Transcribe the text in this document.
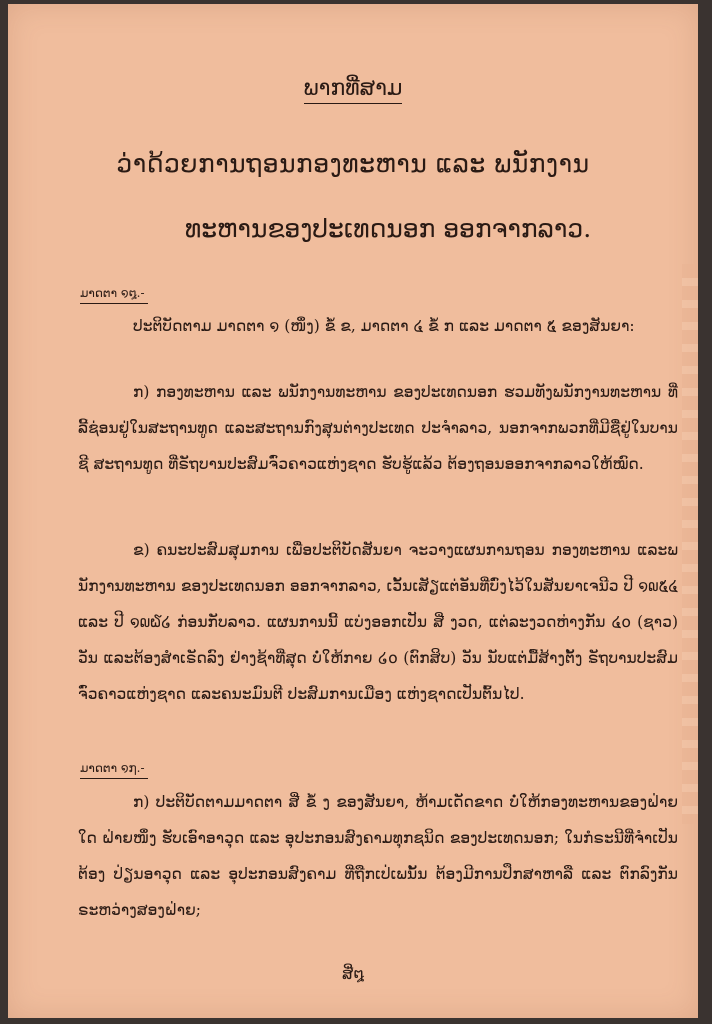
ພາກທີ່ສາມ
ວ່າດ້ວຍການຖອນກອງທະຫານ ແລະ ພນັກງານ
ທະຫານຂອງປະເທດນອກ ອອກຈາກລາວ.
ມາດຕາ ໑໘.-
ປະຕິບັດຕາມ ມາດຕາ ໑ (ໜຶ່ງ) ຂໍ້ ຂ, ມາດຕາ ໔ ຂໍ້ ກ ແລະ ມາດຕາ ໕ ຂອງສັນຍາ:
ກ) ກອງທະຫານ ແລະ ພນັກງານທະຫານ ຂອງປະເທດນອກ ຮວມທັງພນັກງານທະຫານ ທີ່ລີ້ຊ່ອນຢູ່ໃນສະຖານທູດ ແລະສະຖານກົງສຸນຕ່າງປະເທດ ປະຈຳລາວ, ນອກຈາກພວກທີ່ມີຊື່ຢູ່ໃນບານຊີ ສະຖານທູດ ທີ່ຣັຖບານປະສົມຈົ່ວຄາວແຫ່ງຊາດ ຮັບຮູ້ແລ້ວ ຕ້ອງຖອນອອກຈາກລາວໃຫ້ໝົດ.
ຂ) ຄນະປະສົມສຸມການ ເພື່ອປະຕິບັດສັນຍາ ຈະວາງແຜນການຖອນ ກອງທະຫານ ແລະພນັກງານທະຫານ ຂອງປະເທດນອກ ອອກຈາກລາວ, ເວັ້ນເສັຽແຕ່ອັນທີ່ບົ່ງໄວ້ໃນສັນຍາເຈນີວ ປີ ໑໙໕໔ ແລະ ປີ ໑໙໖໒ ກ່ອນກັບລາວ. ແຜນການນີ້ ແບ່ງອອກເປັນ ສີ່ ງວດ, ແຕ່ລະງວດຫ່າງກັນ ໔໐ (ຊາວ) ວັນ ແລະຕ້ອງສຳເຣັດລົງ ຢ່າງຊ້າທີ່ສຸດ ບໍ່ໃຫ້ກາຍ ໒໐ (ຕົກສິບ) ວັນ ນັບແຕ່ມື້ສ້າງຕັ້ງ ຣັຖບານປະສົມຈົ່ວຄາວແຫ່ງຊາດ ແລະຄນະມົນຕີ ປະສົມການເມືອງ ແຫ່ງຊາດເປັນຕົ້ນໄປ.
ມາດຕາ ໑໗.-
ກ) ປະຕິບັດຕາມມາດຕາ ສີ່ ຂໍ້ ງ ຂອງສັນຍາ, ຫ້າມເດັດຂາດ ບໍ່ໃຫ້ກອງທະຫານຂອງຝ່າຍໃດ ຝ່າຍໜຶ່ງ ຮັບເອົາອາວຸດ ແລະ ອຸປະກອນສົງຄາມທຸກຊນິດ ຂອງປະເທດນອກ; ໃນກໍຣະນີທີ່ຈຳເປັນຕ້ອງ ປ່ຽນອາວຸດ ແລະ ອຸປະກອນສົງຄາມ ທີ່ຖືກເປ່ເພນັ້ນ ຕ້ອງມີການປຶກສາຫາລື ແລະ ຕົກລົງກັນ ຣະຫວ່າງສອງຝ່າຍ;
ສີ່໘
